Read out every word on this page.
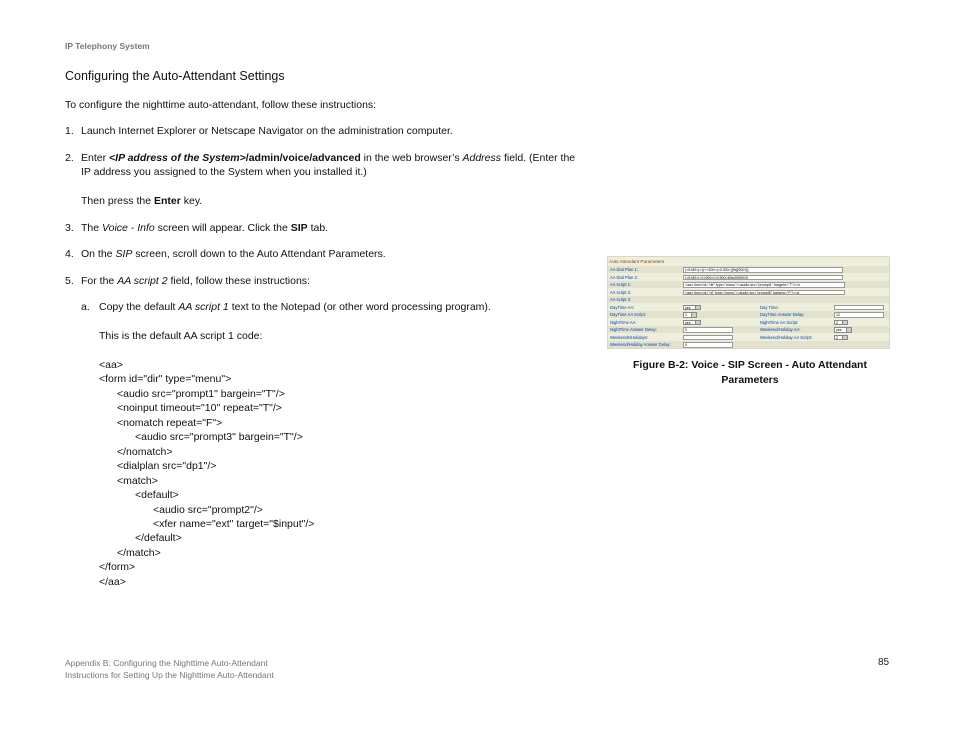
IP Telephony System
Configuring the Auto-Attendant Settings
To configure the nighttime auto-attendant, follow these instructions:
1. Launch Internet Explorer or Netscape Navigator on the administration computer.
2. Enter <IP address of the System>/admin/voice/advanced in the web browser’s Address field. (Enter the
IP address you assigned to the System when you installed it.)
Then press the Enter key.
3. The Voice - Info screen will appear. Click the SIP tab.
4. On the SIP screen, scroll down to the Auto Attendant Parameters.
5. For the AA script 2 field, follow these instructions:
a. Copy the default AA script 1 text to the Notepad (or other word processing program).
This is the default AA script 1 code:
<aa>
<form id="dir" type="menu">
<audio src="prompt1" bargein="T"/>
<noinput timeout="10" repeat="T"/>
<nomatch repeat="F">
<audio src="prompt3" bargein="T"/>
</nomatch>
<dialplan src="dp1"/>
<match>
<default>
<audio src="prompt2"/>
<xfer name="ext" target="$input"/>
</default>
</match>
</form>
</aa>
Auto Attendant Parameters
AA Dial Plan 1:	(<9:M0>|<1|<+300>|<9.300>|[9x|[9001])
AA Dial Plan 2:	(<9:M0>|<2:|900>|<9:300>|[9xx]|[9001])
AA script 1:	<aa><form id="dir" type="menu"><audio src="prompt1" bargein="T"/><n
AA script 2:	<aa><form id="nt" type="menu"><audio src="prompt5" bargein="F"/><a
AA script 3:
DayTime AA:	yes	Day Time:
DayTime AA Script:	1	DayTime Answer Delay:	12
NightTime AA:	yes	NightTime AA Script:	2
NightTime Answer Delay:	0	Weekend/Holiday AA:	yes
Weekends/Holidays:	Weekend/Holiday AA Script:	2
Weekend/Holiday Answer Delay:	0
Figure B-2: Voice - SIP Screen - Auto Attendant
Parameters
Appendix B: Configuring the Nighttime Auto-Attendant
Instructions for Setting Up the Nighttime Auto-Attendant
85
